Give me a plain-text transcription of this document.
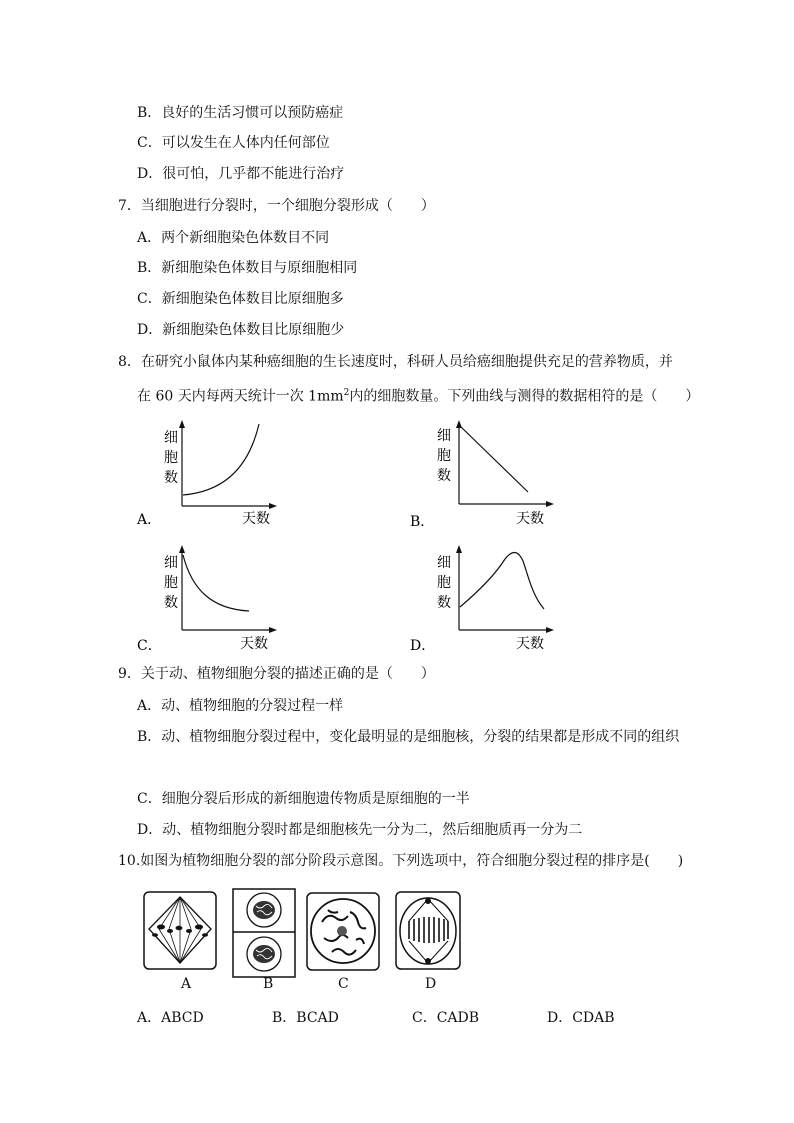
B．良好的生活习惯可以预防癌症
C．可以发生在人体内任何部位
D．很可怕，几乎都不能进行治疗
7．当细胞进行分裂时，一个细胞分裂形成（　　）
A．两个新细胞染色体数目不同
B．新细胞染色体数目与原细胞相同
C．新细胞染色体数目比原细胞多
D．新细胞染色体数目比原细胞少
8．在研究小鼠体内某种癌细胞的生长速度时，科研人员给癌细胞提供充足的营养物质，并
在 60 天内每两天统计一次 $1mm^2$内的细胞数量。下列曲线与测得的数据相符的是（　　）
细
胞
数
A．	天数
细
胞
数
B．	天数
细
胞
数
C．	天数
细
胞
数
D．	天数
9．关于动、植物细胞分裂的描述正确的是（　　）
A．动、植物细胞的分裂过程一样
B．动、植物细胞分裂过程中，变化最明显的是细胞核，分裂的结果都是形成不同的组织
C．细胞分裂后形成的新细胞遗传物质是原细胞的一半
D．动、植物细胞分裂时都是细胞核先一分为二，然后细胞质再一分为二
10.如图为植物细胞分裂的部分阶段示意图。下列选项中，符合细胞分裂过程的排序是(　　)
A	B	C	D
A．ABCD	B．BCAD	C．CADB	D．CDAB
